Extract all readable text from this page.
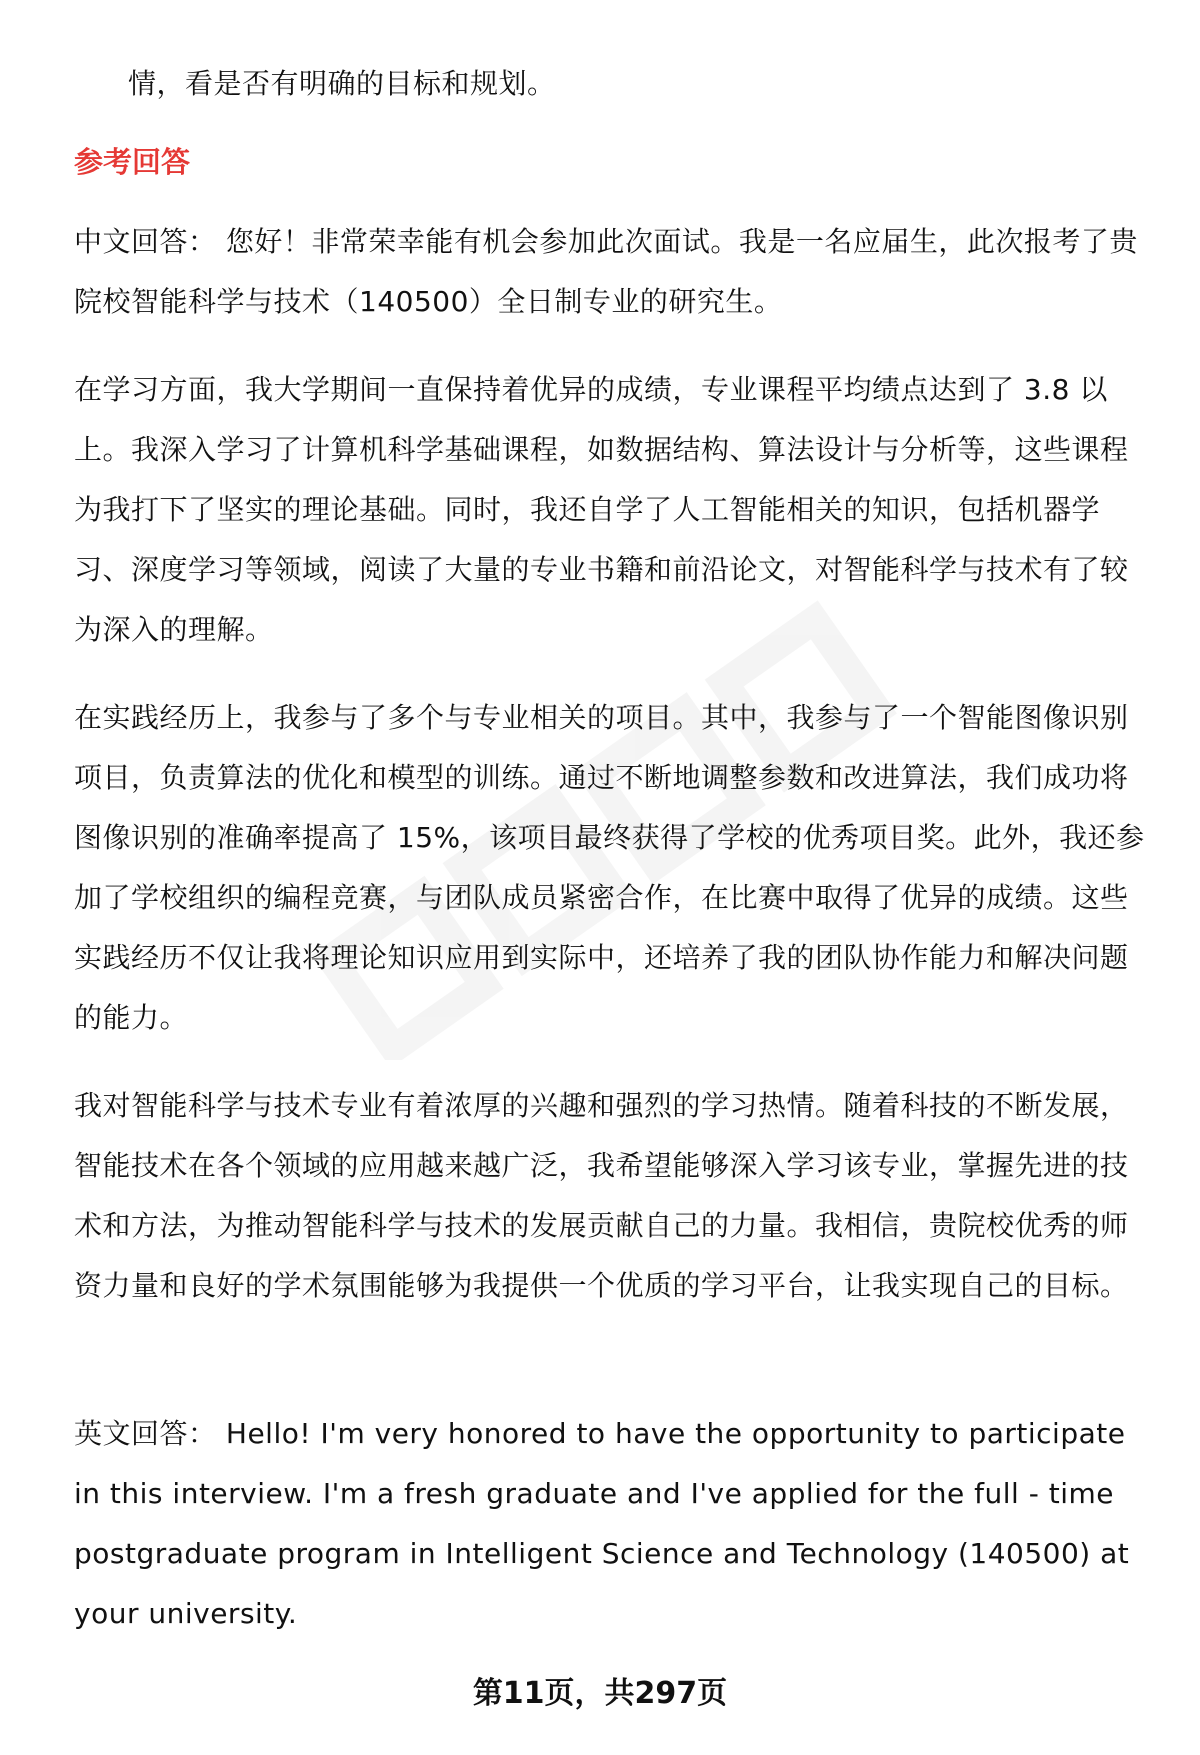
情，看是否有明确的目标和规划。

参考回答

中文回答： 您好！非常荣幸能有机会参加此次面试。我是一名应届生，此次报考了贵院校智能科学与技术（140500）全日制专业的研究生。

在学习方面，我大学期间一直保持着优异的成绩，专业课程平均绩点达到了 3.8 以上。我深入学习了计算机科学基础课程，如数据结构、算法设计与分析等，这些课程为我打下了坚实的理论基础。同时，我还自学了人工智能相关的知识，包括机器学习、深度学习等领域，阅读了大量的专业书籍和前沿论文，对智能科学与技术有了较为深入的理解。

在实践经历上，我参与了多个与专业相关的项目。其中，我参与了一个智能图像识别项目，负责算法的优化和模型的训练。通过不断地调整参数和改进算法，我们成功将图像识别的准确率提高了 15%，该项目最终获得了学校的优秀项目奖。此外，我还参加了学校组织的编程竞赛，与团队成员紧密合作，在比赛中取得了优异的成绩。这些实践经历不仅让我将理论知识应用到实际中，还培养了我的团队协作能力和解决问题的能力。

我对智能科学与技术专业有着浓厚的兴趣和强烈的学习热情。随着科技的不断发展，智能技术在各个领域的应用越来越广泛，我希望能够深入学习该专业，掌握先进的技术和方法，为推动智能科学与技术的发展贡献自己的力量。我相信，贵院校优秀的师资力量和良好的学术氛围能够为我提供一个优质的学习平台，让我实现自己的目标。

英文回答： Hello! I'm very honored to have the opportunity to participate in this interview. I'm a fresh graduate and I've applied for the full - time postgraduate program in Intelligent Science and Technology (140500) at your university.

第11页，共297页
